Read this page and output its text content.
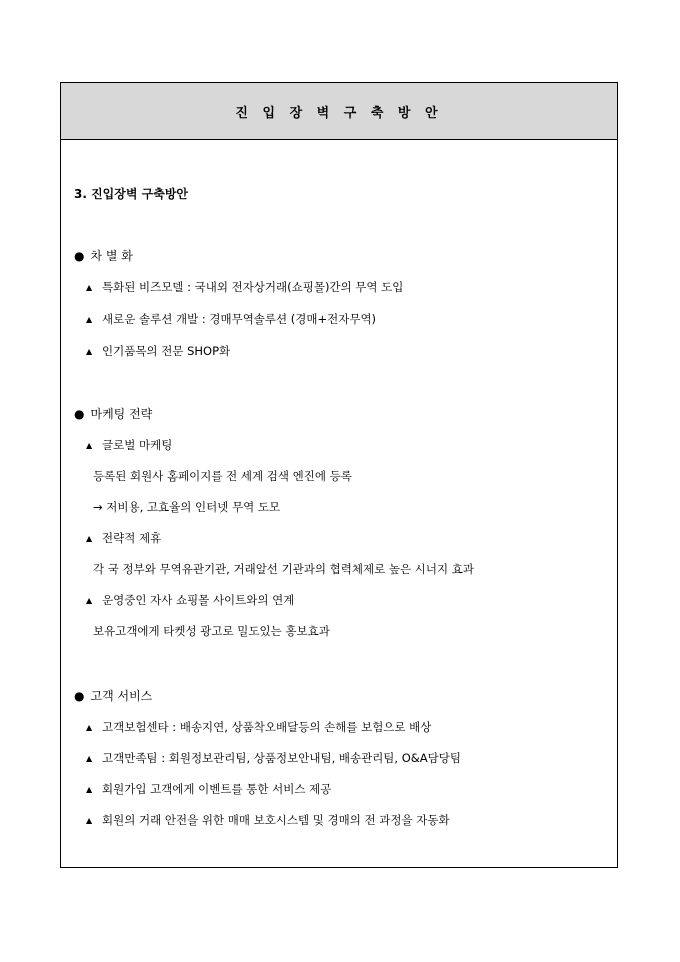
진 입 장 벽 구 축 방 안
3. 진입장벽 구축방안
● 차 별 화
▲ 특화된 비즈모델 : 국내외 전자상거래(쇼핑몰)간의 무역 도입
▲ 새로운 솔루션 개발 : 경매무역솔루션 (경매+전자무역)
▲ 인기품목의 전문 SHOP화
● 마케팅 전략
▲ 글로벌 마케팅
등록된 회원사 홈페이지를 전 세계 검색 엔진에 등록
→ 저비용, 고효율의 인터넷 무역 도모
▲ 전략적 제휴
각 국 정부와 무역유관기관, 거래알선 기관과의 협력체제로 높은 시너지 효과
▲ 운영중인 자사 쇼핑몰 사이트와의 연계
보유고객에게 타켓성 광고로 밀도있는 홍보효과
● 고객 서비스
▲ 고객보험센타 : 배송지연, 상품착오배달등의 손해를 보험으로 배상
▲ 고객만족팀 : 회원정보관리팀, 상품정보안내팀, 배송관리팀, O&A담당팀
▲ 회원가입 고객에게 이벤트를 통한 서비스 제공
▲ 회원의 거래 안전을 위한 매매 보호시스템 및 경매의 전 과정을 자동화
